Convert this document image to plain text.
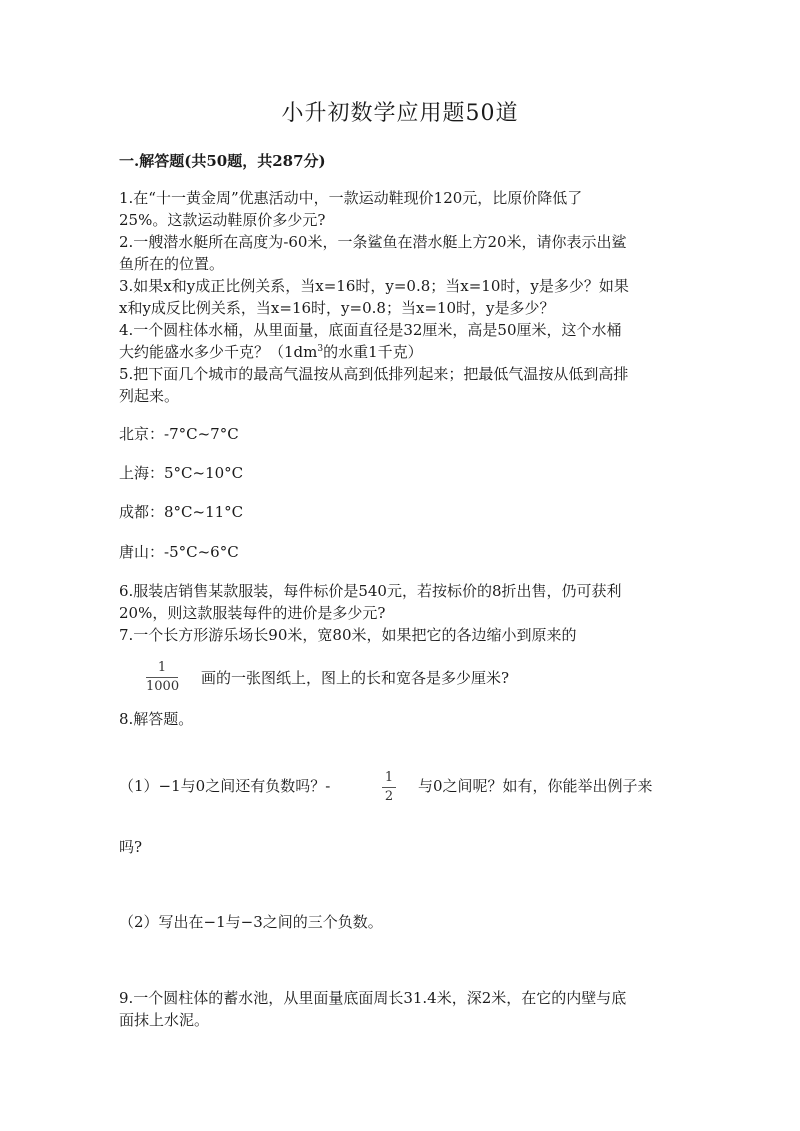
小升初数学应用题50道
一.解答题(共50题，共287分)
1.在“十一黄金周”优惠活动中，一款运动鞋现价120元，比原价降低了
25%。这款运动鞋原价多少元?
2.一艘潜水艇所在高度为-60米，一条鲨鱼在潜水艇上方20米，请你表示出鲨
鱼所在的位置。
3.如果x和y成正比例关系，当x=16时，y=0.8；当x=10时，y是多少？如果
x和y成反比例关系，当x=16时，y=0.8；当x=10时，y是多少？
4.一个圆柱体水桶，从里面量，底面直径是32厘米，高是50厘米，这个水桶
大约能盛水多少千克？（$1dm^3$的水重1千克）
5.把下面几个城市的最高气温按从高到低排列起来；把最低气温按从低到高排
列起来。
北京：-7°C~7°C
上海：5°C~10°C
成都：8°C~11°C
唐山：-5°C~6°C
6.服装店销售某款服装，每件标价是540元，若按标价的8折出售，仍可获利
20%，则这款服装每件的进价是多少元?
7.一个长方形游乐场长90米，宽80米，如果把它的各边缩小到原来的
1
1000 画的一张图纸上，图上的长和宽各是多少厘米?
8.解答题。
（1）−1与0之间还有负数吗？-	1
2
与0之间呢？如有，你能举出例子来
吗?
（2）写出在−1与−3之间的三个负数。
9.一个圆柱体的蓄水池，从里面量底面周长31.4米，深2米，在它的内壁与底
面抹上水泥。
